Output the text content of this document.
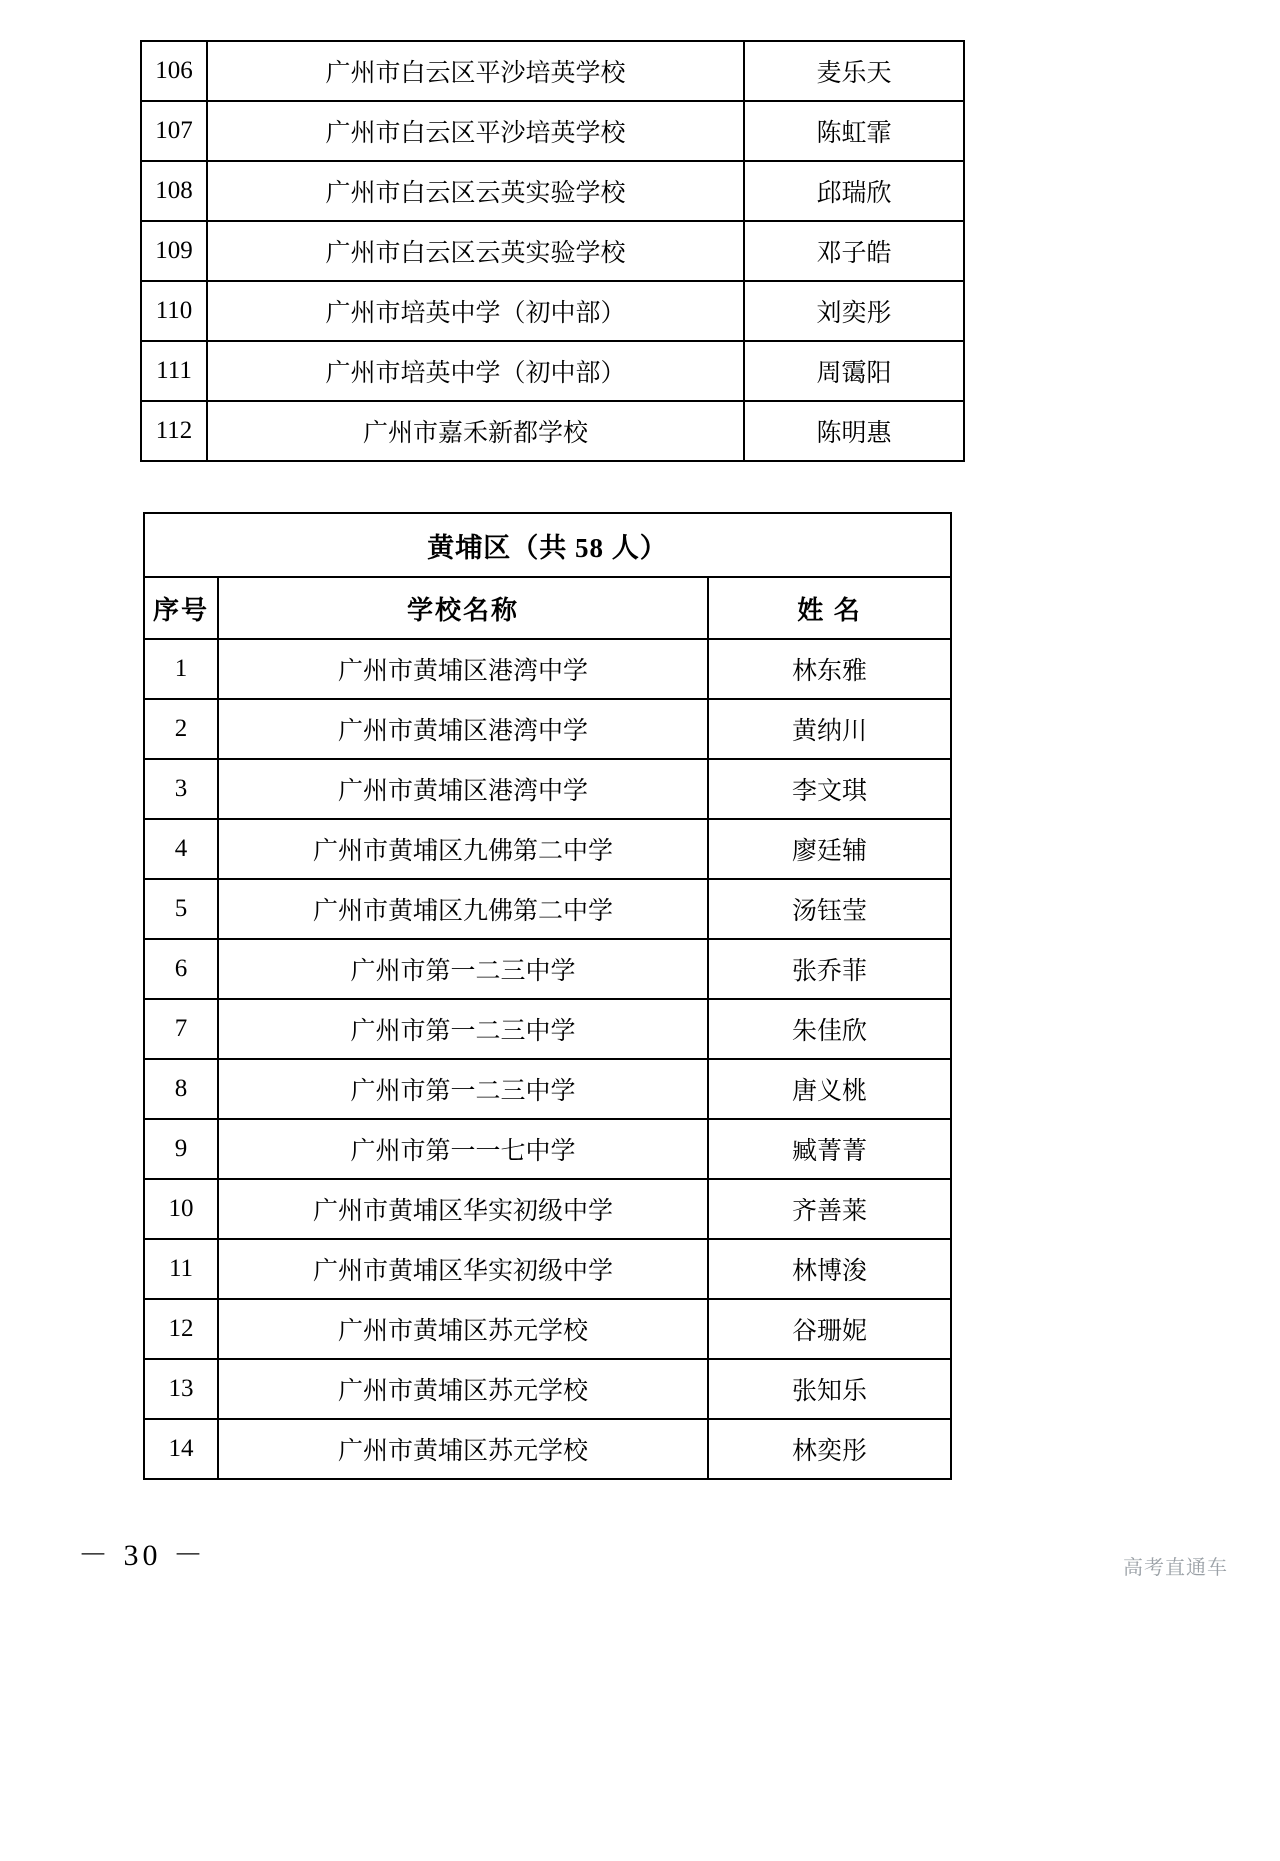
106	广州市白云区平沙培英学校	麦乐天
107	广州市白云区平沙培英学校	陈虹霏
108	广州市白云区云英实验学校	邱瑞欣
109	广州市白云区云英实验学校	邓子皓
110	广州市培英中学（初中部）	刘奕彤
111	广州市培英中学（初中部）	周霭阳
112	广州市嘉禾新都学校	陈明惠
黄埔区（共 58 人）		
序号	学校名称	姓 名
1	广州市黄埔区港湾中学	林东雅
2	广州市黄埔区港湾中学	黄纳川
3	广州市黄埔区港湾中学	李文琪
4	广州市黄埔区九佛第二中学	廖廷辅
5	广州市黄埔区九佛第二中学	汤钰莹
6	广州市第一二三中学	张乔菲
7	广州市第一二三中学	朱佳欣
8	广州市第一二三中学	唐义桃
9	广州市第一一七中学	臧菁菁
10	广州市黄埔区华实初级中学	齐善莱
11	广州市黄埔区华实初级中学	林博浚
12	广州市黄埔区苏元学校	谷珊妮
13	广州市黄埔区苏元学校	张知乐
14	广州市黄埔区苏元学校	林奕彤
－ 30 －	高考直通车
